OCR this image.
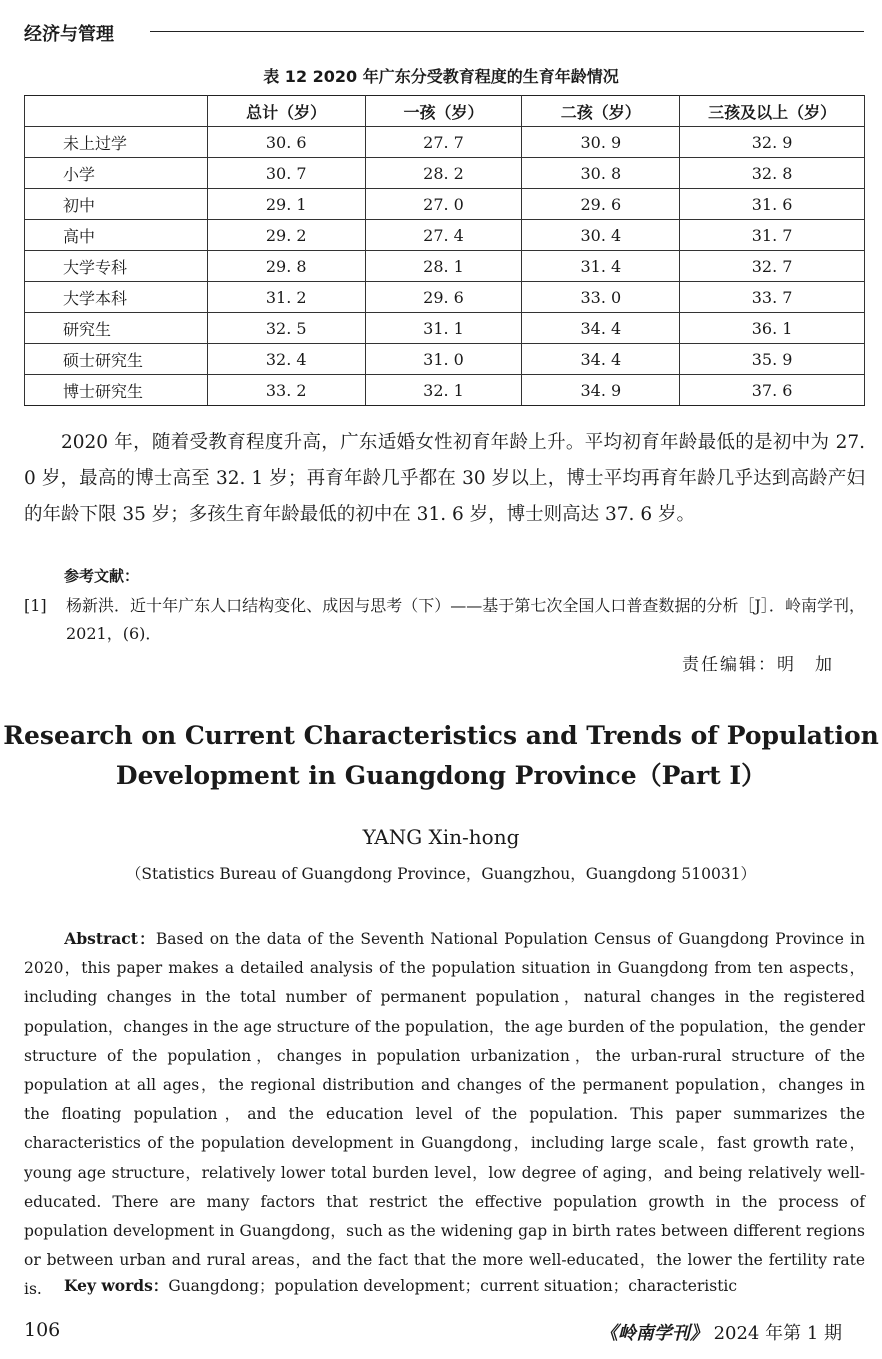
经济与管理
表 12 2020 年广东分受教育程度的生育年龄情况
	总计（岁）	一孩（岁）	二孩（岁）	三孩及以上（岁）
未上过学	30. 6	27. 7	30. 9	32. 9
小学	30. 7	28. 2	30. 8	32. 8
初中	29. 1	27. 0	29. 6	31. 6
高中	29. 2	27. 4	30. 4	31. 7
大学专科	29. 8	28. 1	31. 4	32. 7
大学本科	31. 2	29. 6	33. 0	33. 7
研究生	32. 5	31. 1	34. 4	36. 1
硕士研究生	32. 4	31. 0	34. 4	35. 9
博士研究生	33. 2	32. 1	34. 9	37. 6

2020 年，随着受教育程度升高，广东适婚女性初育年龄上升。平均初育年龄最低的是初中为 27. 0 岁，最高的博士高至 32. 1 岁；再育年龄几乎都在 30 岁以上，博士平均再育年龄几乎达到高龄产妇的年龄下限 35 岁；多孩生育年龄最低的初中在 31. 6 岁，博士则高达 37. 6 岁。

参考文献：
[1] 杨新洪．近十年广东人口结构变化、成因与思考（下）——基于第七次全国人口普查数据的分析［J］．岭南学刊，2021，(6)．
责任编辑：明　加
Research on Current Characteristics and Trends of Population Development in Guangdong Province（Part Ⅰ）
YANG Xin-hong
（Statistics Bureau of Guangdong Province，Guangzhou，Guangdong 510031）

Abstract：Based on the data of the Seventh National Population Census of Guangdong Province in 2020，this paper makes a detailed analysis of the population situation in Guangdong from ten aspects，including changes in the total number of permanent population，natural changes in the registered population，changes in the age structure of the population，the age burden of the population，the gender structure of the population，changes in population urbanization，the urban-rural structure of the population at all ages，the regional distribution and changes of the permanent population，changes in the floating population，and the education level of the population. This paper summarizes the characteristics of the population development in Guangdong，including large scale，fast growth rate，young age structure，relatively lower total burden level，low degree of aging，and being relatively well-educated. There are many factors that restrict the effective population growth in the process of population development in Guangdong，such as the widening gap in birth rates between different regions or between urban and rural areas，and the fact that the more well-educated，the lower the fertility rate is.	Key words：Guangdong；population development；current situation；characteristic
106	《岭南学刊》 2024 年第 1 期
